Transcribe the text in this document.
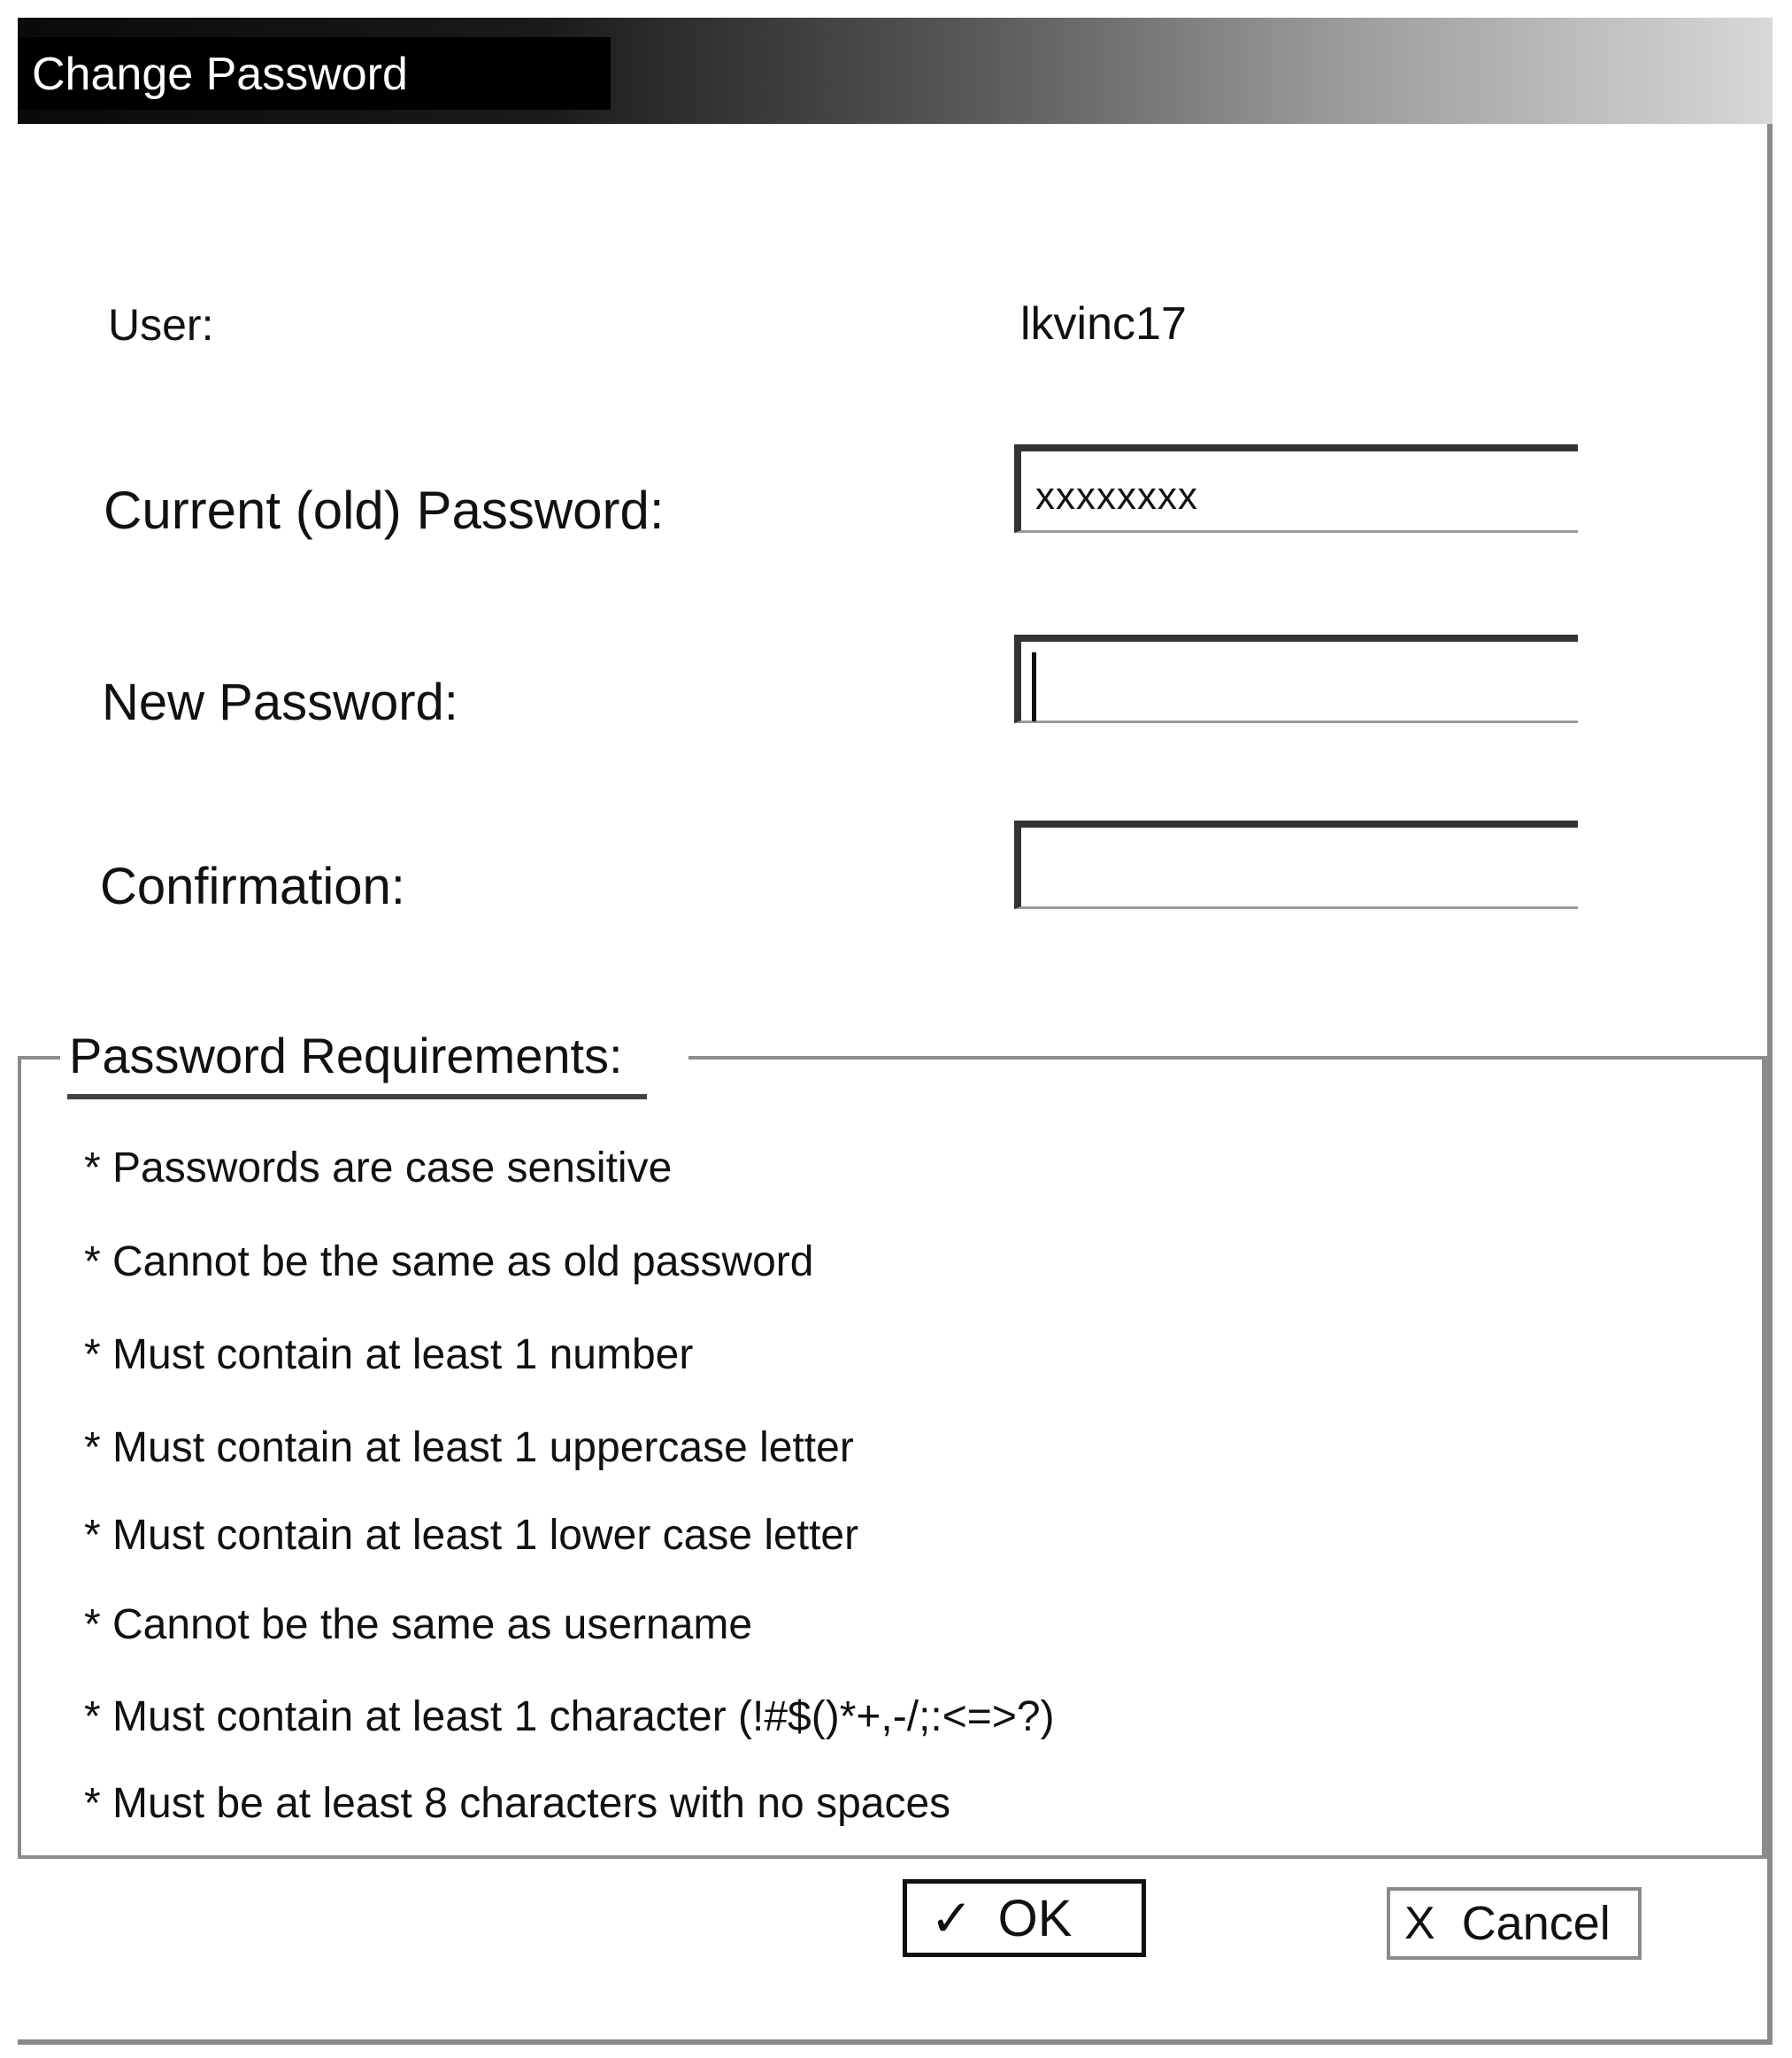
Change Password
User:	lkvinc17
Current (old) Password:	xxxxxxxx
New Password:
Confirmation:
Password Requirements:
* Passwords are case sensitive
* Cannot be the same as old password
* Must contain at least 1 number
* Must contain at least 1 uppercase letter
* Must contain at least 1 lower case letter
* Cannot be the same as username
* Must contain at least 1 character (!#$()*+,-/;:<=>?)
* Must be at least 8 characters with no spaces
✓ OK	X Cancel
